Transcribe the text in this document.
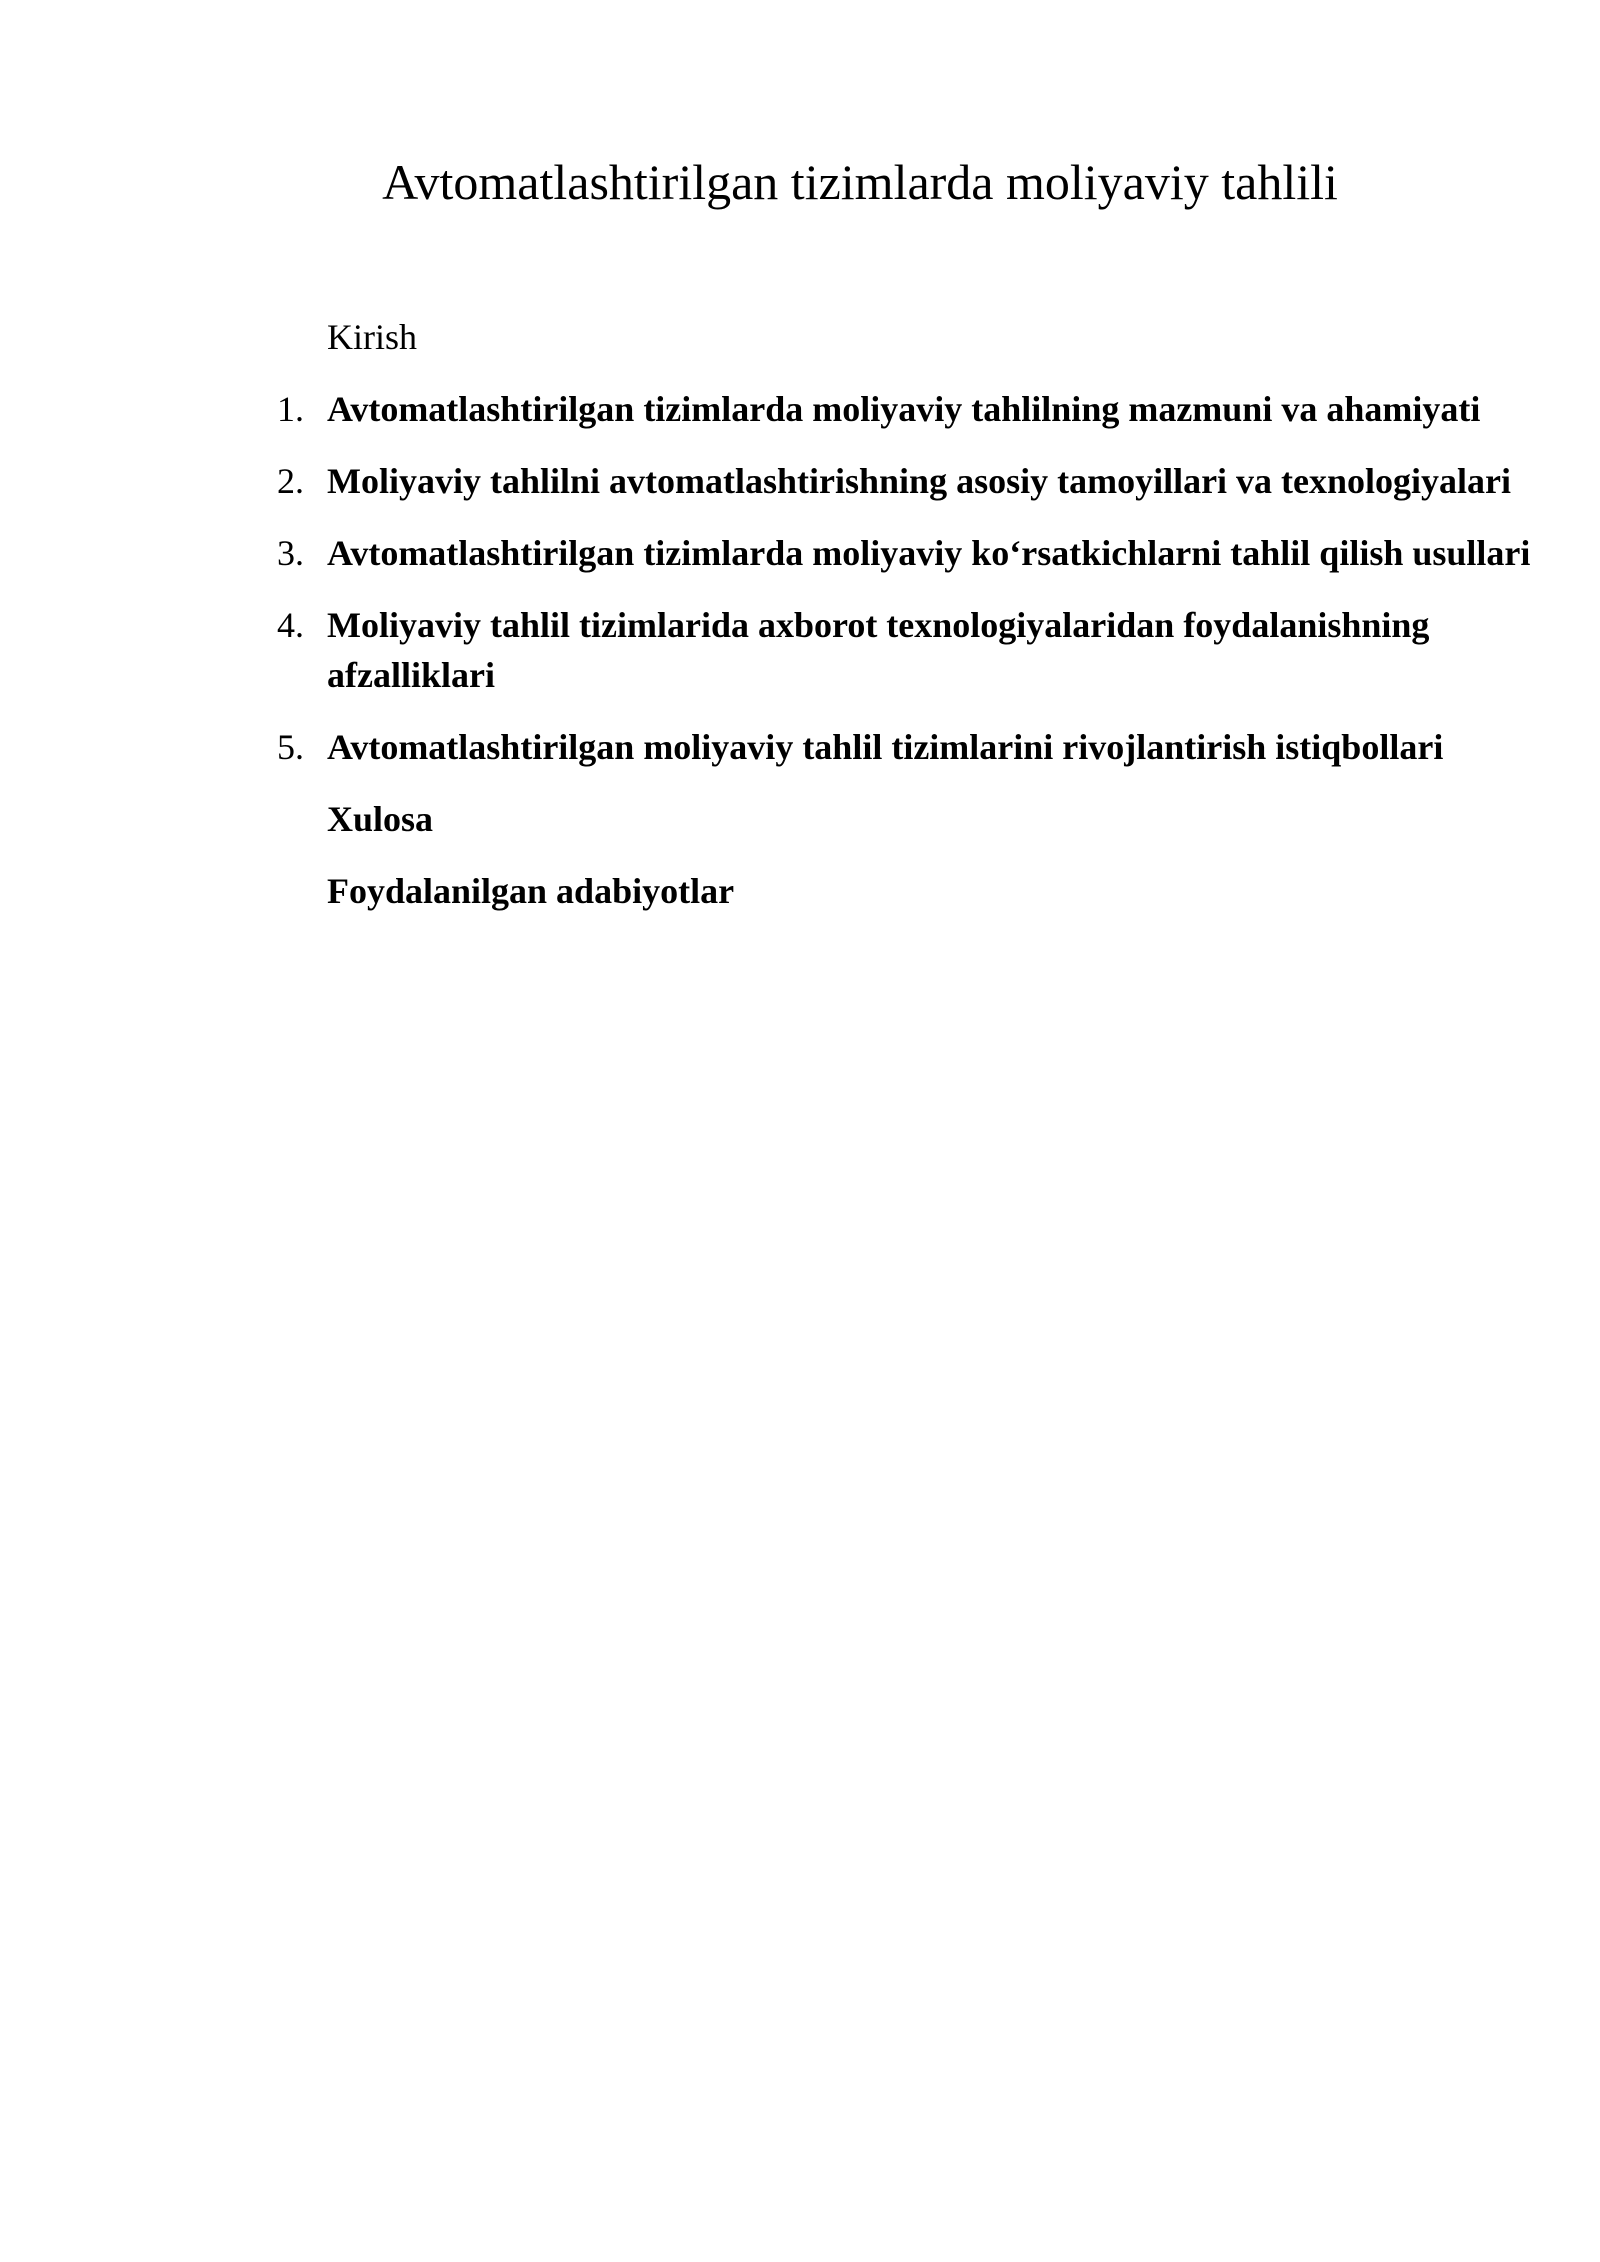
Avtomatlashtirilgan tizimlarda moliyaviy tahlili

Kirish

1. Avtomatlashtirilgan tizimlarda moliyaviy tahlilning mazmuni va ahamiyati

2. Moliyaviy tahlilni avtomatlashtirishning asosiy tamoyillari va texnologiyalari

3. Avtomatlashtirilgan tizimlarda moliyaviy ko‘rsatkichlarni tahlil qilish usullari

4. Moliyaviy tahlil tizimlarida axborot texnologiyalaridan foydalanishning afzalliklari

5. Avtomatlashtirilgan moliyaviy tahlil tizimlarini rivojlantirish istiqbollari

Xulosa

Foydalanilgan adabiyotlar
